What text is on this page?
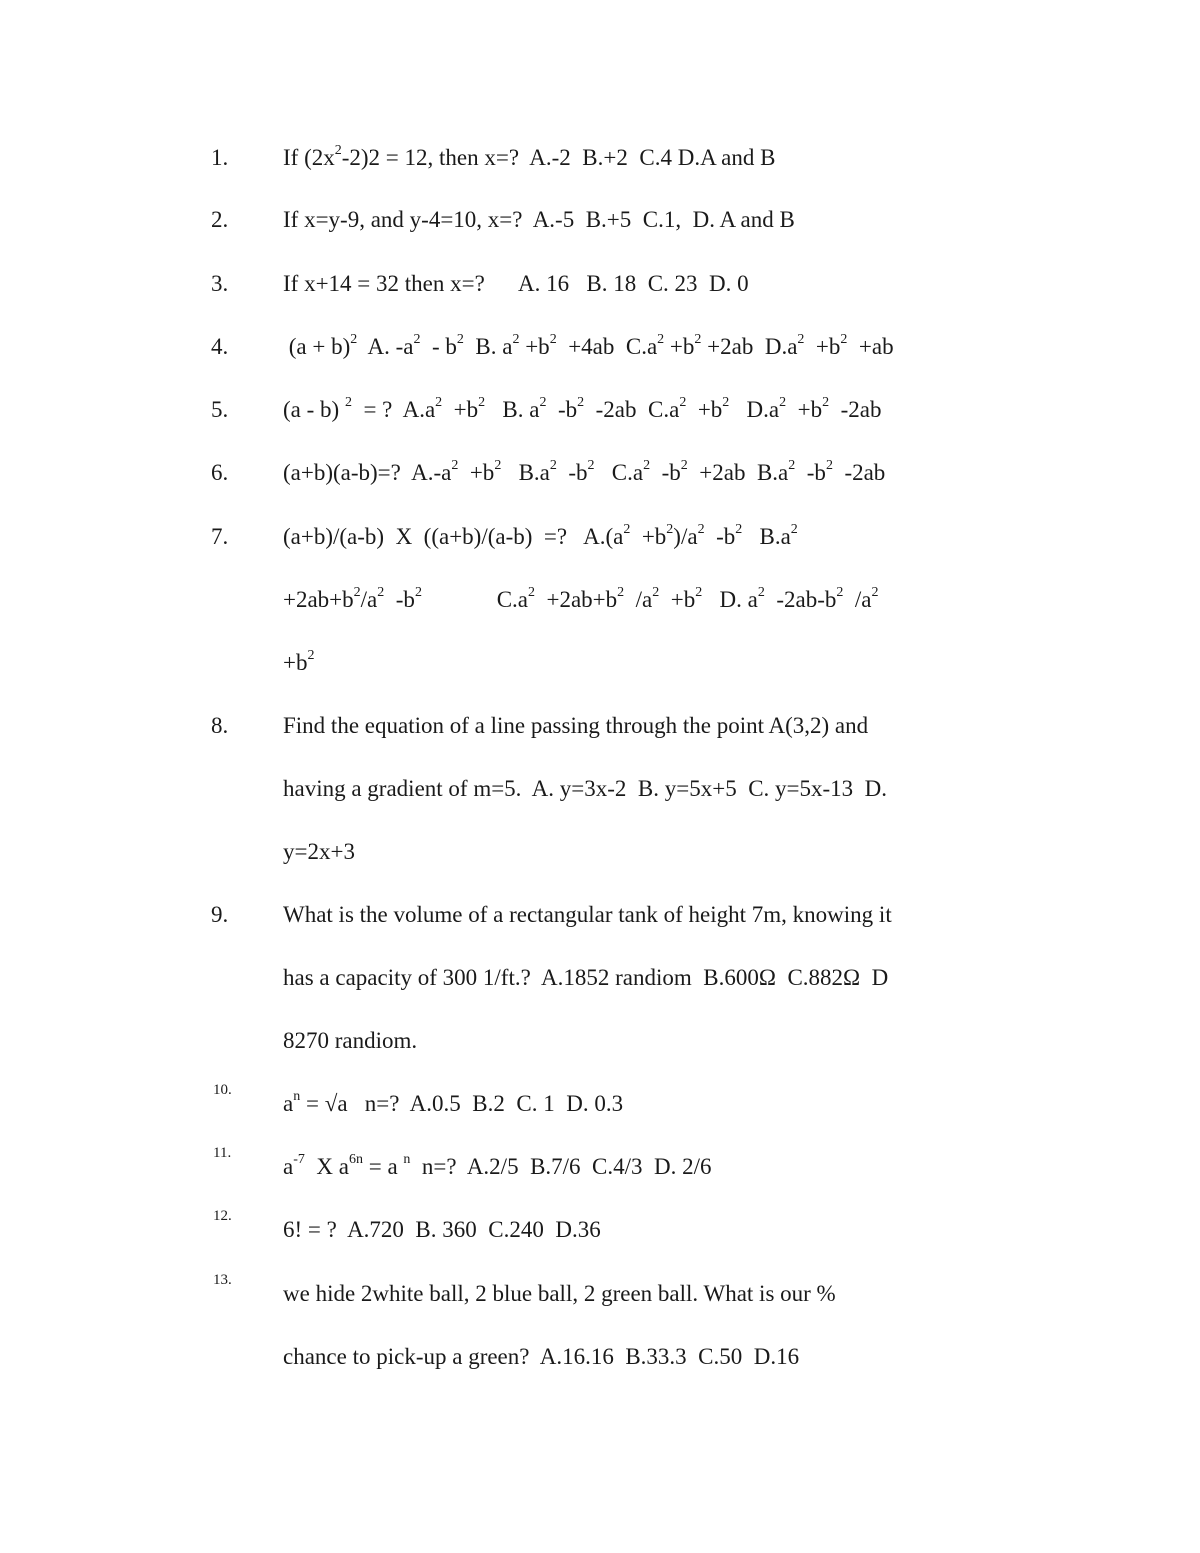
1. If $(2x^2-2)2 = 12$, then x=?  A.-2  B.+2  C.4 D.A and B
2. If x=y-9, and y-4=10, x=?  A.-5  B.+5  C.1,  D. A and B
3. If x+14 = 32 then x=?      A. 16   B. 18  C. 23  D. 0
4. $(a + b)^2$  A. $-a^2 - b^2$  B. $a^2 +b^2 +4ab$  $C.a^2 +b^2 +2ab$  $D.a^2 +b^2 +ab$
5. (a - b) $^2$  = ?  $A.a^2 +b^2$   B. $a^2$  $-b^2$  -2ab  $C.a^2 +b^2$   $D.a^2 +b^2$  -2ab
6. (a+b)(a-b)=?  $A.-a^2 +b^2$   $B.a^2$  $-b^2$   $C.a^2$  $-b^2 +2ab$  $B.a^2$  $-b^2$  -2ab
7. (a+b)/(a-b)  X  ((a+b)/(a-b)  =?   $A.(a^2 +b^2)/a^2$  $-b^2$   $B.a^2$
$+2ab+b^2/a^2$  $-b^2$             $C.a^2 +2ab+b^2$  $/a^2 +b^2$   D. $a^2$  $-2ab-b^2$  $/a^2$
$+b^2$
8. Find the equation of a line passing through the point A(3,2) and
having a gradient of m=5.  A. y=3x-2  B. y=5x+5  C. y=5x-13  D.
y=2x+3
9. What is the volume of a rectangular tank of height 7m, knowing it
has a capacity of 300 1/ft.?  A.1852 randiom  B.600Ω  C.882Ω  D
8270 randiom.
10.
$a^n = √a$   n=?  A.0.5  B.2  C. 1  D. 0.3
11.
$a^{-7}$  X $a^{6n} = a$ $^n$  n=?  A.2/5  B.7/6  C.4/3  D. 2/6
12.
6! = ?  A.720  B. 360  C.240  D.36
13.
we hide 2white ball, 2 blue ball, 2 green ball. What is our %
chance to pick-up a green?  A.16.16  B.33.3  C.50  D.16
